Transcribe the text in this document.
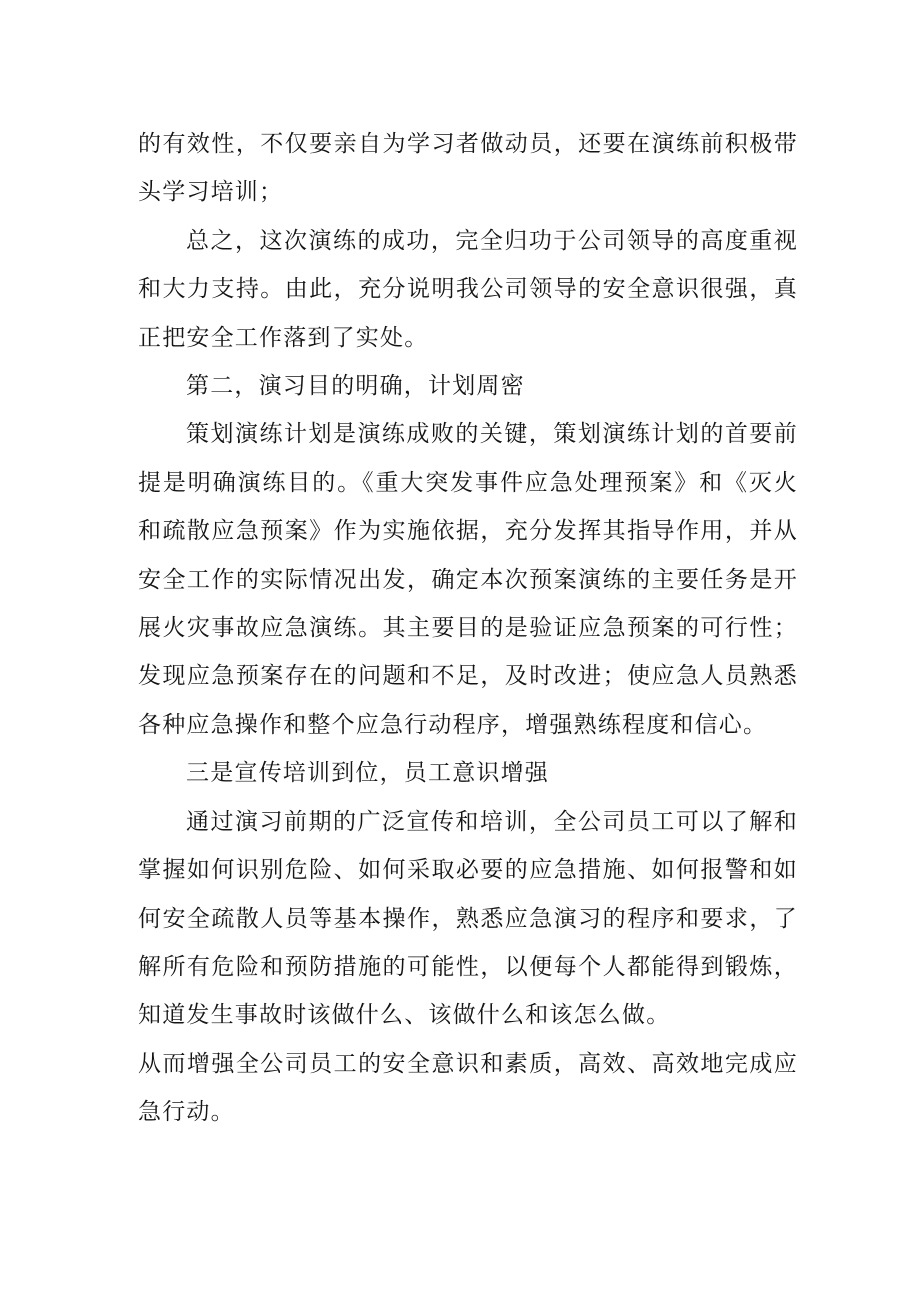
的有效性，不仅要亲自为学习者做动员，还要在演练前积极带头学习培训；

总之，这次演练的成功，完全归功于公司领导的高度重视和大力支持。由此，充分说明我公司领导的安全意识很强，真正把安全工作落到了实处。

第二，演习目的明确，计划周密

策划演练计划是演练成败的关键，策划演练计划的首要前提是明确演练目的。《重大突发事件应急处理预案》和《灭火和疏散应急预案》作为实施依据，充分发挥其指导作用，并从安全工作的实际情况出发，确定本次预案演练的主要任务是开展火灾事故应急演练。其主要目的是验证应急预案的可行性；发现应急预案存在的问题和不足，及时改进；使应急人员熟悉各种应急操作和整个应急行动程序，增强熟练程度和信心。

三是宣传培训到位，员工意识增强

通过演习前期的广泛宣传和培训，全公司员工可以了解和掌握如何识别危险、如何采取必要的应急措施、如何报警和如何安全疏散人员等基本操作，熟悉应急演习的程序和要求，了解所有危险和预防措施的可能性，以便每个人都能得到锻炼，知道发生事故时该做什么、该做什么和该怎么做。

从而增强全公司员工的安全意识和素质，高效、高效地完成应急行动。
